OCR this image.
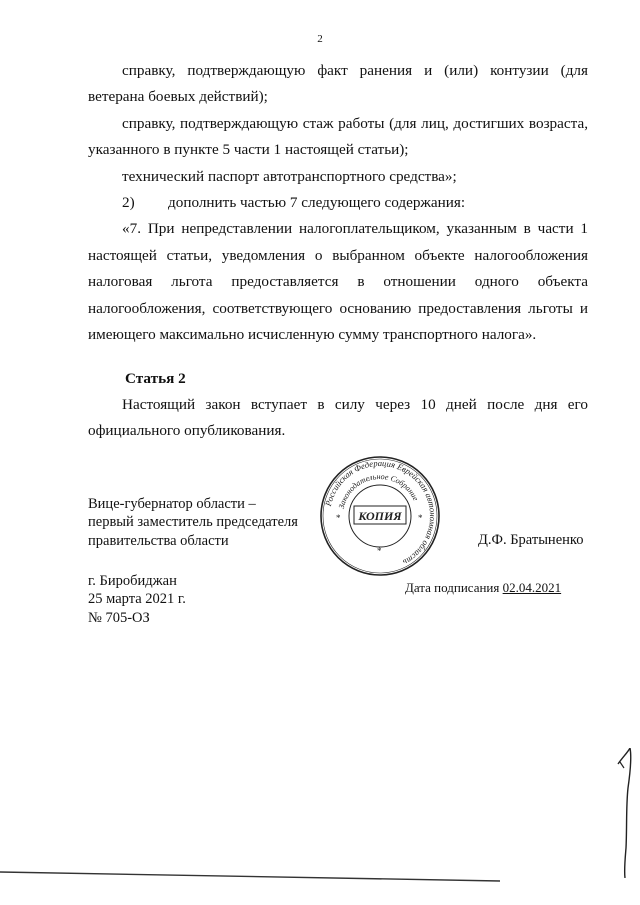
2

справку, подтверждающую факт ранения и (или) контузии (для ветерана боевых действий);

справку, подтверждающую стаж работы (для лиц, достигших возраста, указанного в пункте 5 части 1 настоящей статьи);

технический паспорт автотранспортного средства»;

2) дополнить частью 7 следующего содержания:

«7. При непредставлении налогоплательщиком, указанным в части 1 настоящей статьи, уведомления о выбранном объекте налогообложения налоговая льгота предоставляется в отношении одного объекта налогообложения, соответствующего основанию предоставления льготы и имеющего максимально исчисленную сумму транспортного налога».

Статья 2

Настоящий закон вступает в силу через 10 дней после дня его официального опубликования.

Вице-губернатор области –
первый заместитель председателя
правительства области
Российская Федерация Еврейская автономная область
Законодательное Собрание
КОПИЯ
*	*
*
Д.Ф. Братыненко
г. Биробиджан
25 марта 2021 г.
№ 705-ОЗ
Дата подписания 02.04.2021
